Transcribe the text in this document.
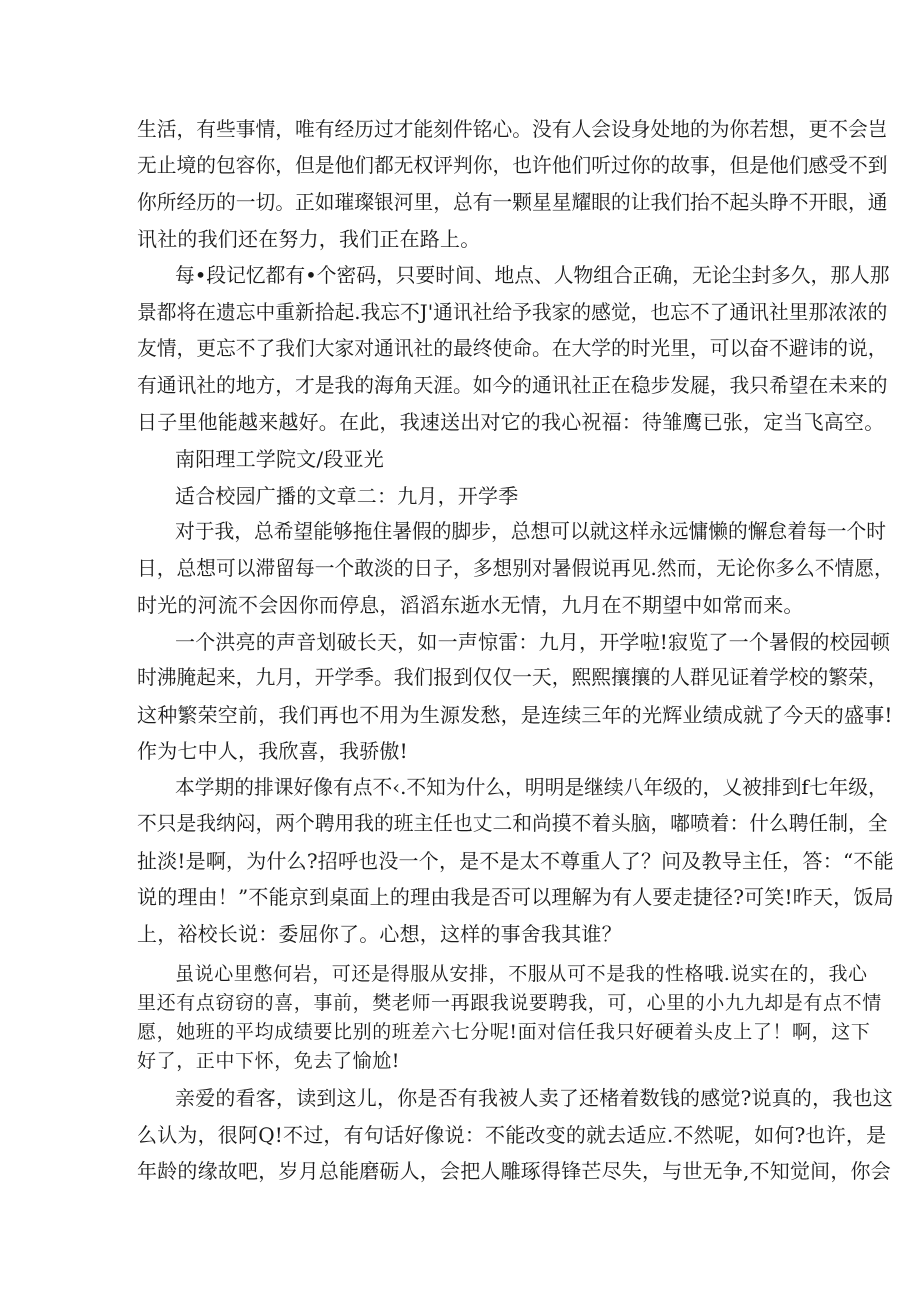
生活，有些事情，唯有经历过才能刻件铭心。没有人会设身处地的为你若想，更不会岂
无止境的包容你，但是他们都无权评判你，也许他们听过你的故事，但是他们感受不到
你所经历的一切。正如璀璨银河里，总有一颗星星耀眼的让我们抬不起头睁不开眼，通
讯社的我们还在努力，我们正在路上。
每•段记忆都有•个密码，只要时间、地点、人物组合正确，无论尘封多久，那人那
景都将在遗忘中重新拾起.我忘不J'通讯社给予我家的感觉，也忘不了通讯社里那浓浓的
友情，更忘不了我们大家对通讯社的最终使命。在大学的时光里，可以奋不避讳的说，
有通讯社的地方，才是我的海角天涯。如今的通讯社正在稳步发屣，我只希望在未来的
日子里他能越来越好。在此，我速送出对它的我心祝福：待雏鹰已张，定当飞高空。
南阳理工学院文/段亚光
适合校园广播的文章二：九月，开学季
对于我，总希望能够拖住暑假的脚步，总想可以就这样永远慵懒的懈怠着每一个时
日，总想可以滞留每一个敢淡的日子，多想别对暑假说再见.然而，无论你多么不情愿，
时光的河流不会因你而停息，滔滔东逝水无情，九月在不期望中如常而来。
一个洪亮的声音划破长天，如一声惊雷：九月，开学啦!寂览了一个暑假的校园顿
时沸腌起来，九月，开学季。我们报到仅仅一天，熙熙攘攘的人群见证着学校的繁荣，
这种繁荣空前，我们再也不用为生源发愁，是连续三年的光辉业绩成就了今天的盛事!
作为七中人，我欣喜，我骄傲!
本学期的排课好像有点不‹.不知为什么，明明是继续八年级的，乂被排到f七年级，
不只是我纳闷，两个聘用我的班主任也丈二和尚摸不着头脑，嘟喷着：什么聘任制，全
扯淡!是啊，为什么?招呼也没一个，是不是太不尊重人了？问及教导主任，答：“不能
说的理由！”不能京到桌面上的理由我是否可以理解为有人要走捷径?可笑!昨天，饭局
上，裕校长说：委屈你了。心想，这样的事舍我其谁？
虽说心里憋何岩，可还是得服从安排，不服从可不是我的性格哦.说实在的，我心
里还有点窃窃的喜，事前，樊老师一再跟我说要聘我，可，心里的小九九却是有点不情
愿，她班的平均成绩要比别的班差六七分呢!面对信任我只好硬着头皮上了！啊，这下
好了，正中下怀，免去了愉尬!
亲爱的看客，读到这儿，你是否有我被人卖了还楮着数钱的感觉?说真的，我也这
么认为，很阿Q!不过，有句话好像说：不能改变的就去适应.不然呢，如何?也许，是
年龄的缘故吧，岁月总能磨砺人，会把人雕琢得锋芒尽失，与世无争,不知觉间，你会
